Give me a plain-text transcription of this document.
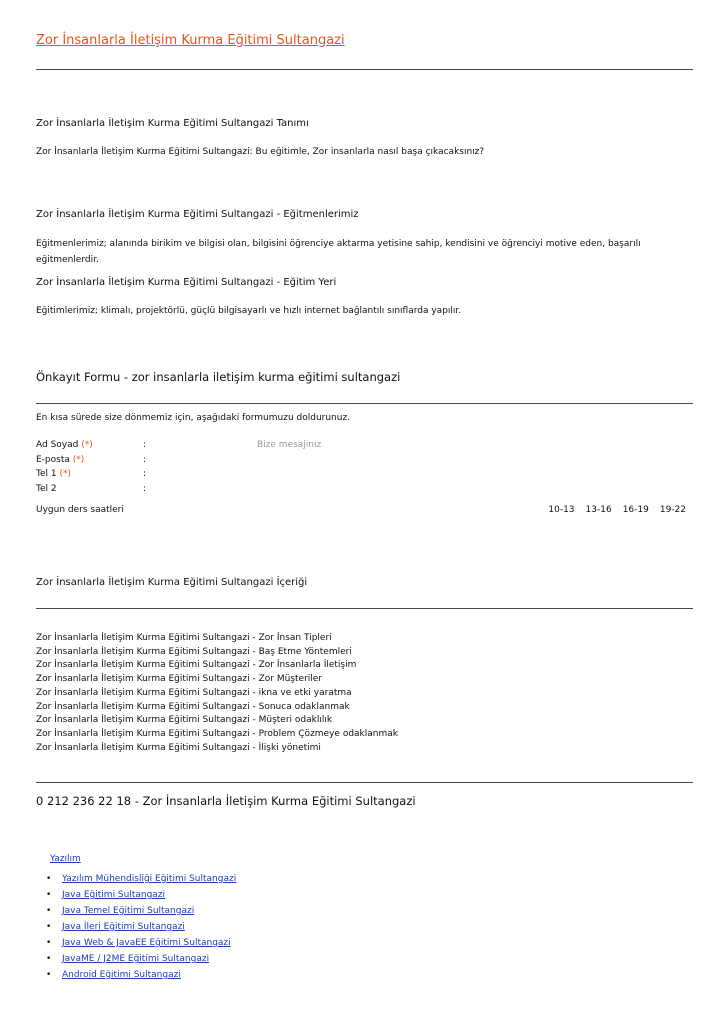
Zor İnsanlarla İletişim Kurma Eğitimi Sultangazi
Zor İnsanlarla İletişim Kurma Eğitimi Sultangazi Tanımı
Zor İnsanlarla İletişim Kurma Eğitimi Sultangazi: Bu eğitimle, Zor insanlarla nasıl başa çıkacaksınız?
Zor İnsanlarla İletişim Kurma Eğitimi Sultangazi - Eğitmenlerimiz
Eğitmenlerimiz; alanında birikim ve bilgisi olan, bilgisini öğrenciye aktarma yetisine sahip, kendisini ve öğrenciyi motive eden, başarılı eğitmenlerdir.
Zor İnsanlarla İletişim Kurma Eğitimi Sultangazi - Eğitim Yeri
Eğitimlerimiz; klimalı, projektörlü, güçlü bilgisayarlı ve hızlı internet bağlantılı sınıflarda yapılır.
Önkayıt Formu - zor insanlarla iletişim kurma eğitimi sultangazi
En kısa sürede size dönmemiz için, aşağıdaki formumuzu doldurunuz.
Ad Soyad (*)	:
E-posta (*)	:
Tel 1 (*)	:
Tel 2	:
Bize mesajınız
Uygun ders saatleri	10-13 13-16 16-19 19-22
Zor İnsanlarla İletişim Kurma Eğitimi Sultangazi İçeriği
Zor İnsanlarla İletişim Kurma Eğitimi Sultangazi - Zor İnsan Tipleri
Zor İnsanlarla İletişim Kurma Eğitimi Sultangazi - Baş Etme Yöntemleri
Zor İnsanlarla İletişim Kurma Eğitimi Sultangazi - Zor İnsanlarla İletişim
Zor İnsanlarla İletişim Kurma Eğitimi Sultangazi - Zor Müşteriler
Zor İnsanlarla İletişim Kurma Eğitimi Sultangazi - ikna ve etki yaratma
Zor İnsanlarla İletişim Kurma Eğitimi Sultangazi - Sonuca odaklanmak
Zor İnsanlarla İletişim Kurma Eğitimi Sultangazi - Müşteri odaklılık
Zor İnsanlarla İletişim Kurma Eğitimi Sultangazi - Problem Çözmeye odaklanmak
Zor İnsanlarla İletişim Kurma Eğitimi Sultangazi - İlişki yönetimi
0 212 236 22 18 - Zor İnsanlarla İletişim Kurma Eğitimi Sultangazi
Yazılım
• Yazılım Mühendisliği Eğitimi Sultangazi
• Java Eğitimi Sultangazi
• Java Temel Eğitimi Sultangazi
• Java İleri Eğitimi Sultangazi
• Java Web & JavaEE Eğitimi Sultangazi
• JavaME / J2ME Eğitimi Sultangazi
• Android Eğitimi Sultangazi
